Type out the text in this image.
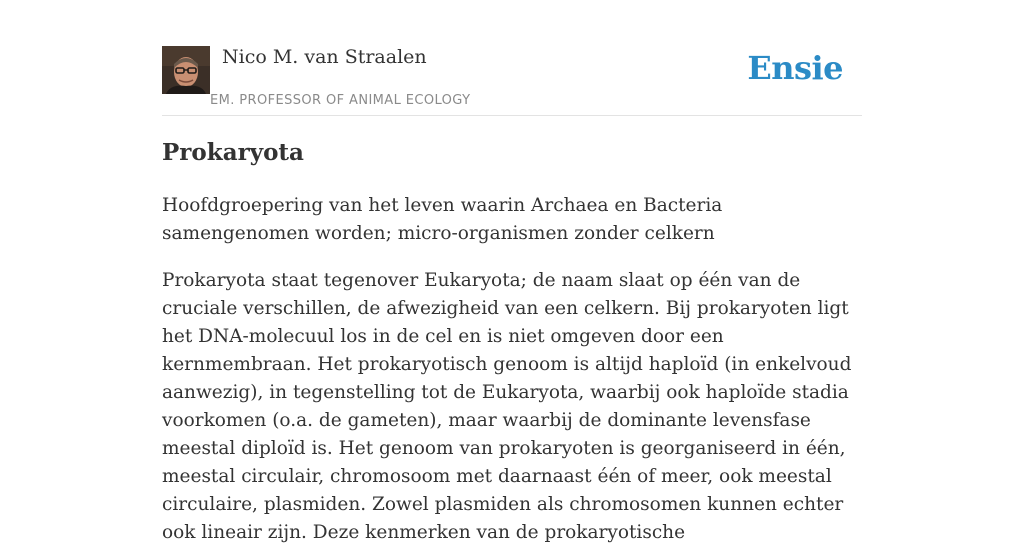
Nico M. van Straalen
EM. PROFESSOR OF ANIMAL ECOLOGY
Ensie
Prokaryota

Hoofdgroepering van het leven waarin Archaea en Bacteria samengenomen worden; micro-organismen zonder celkern

Prokaryota staat tegenover Eukaryota; de naam slaat op één van de cruciale verschillen, de afwezigheid van een celkern. Bij prokaryoten ligt het DNA-molecuul los in de cel en is niet omgeven door een kernmembraan. Het prokaryotisch genoom is altijd haploïd (in enkelvoud aanwezig), in tegenstelling tot de Eukaryota, waarbij ook haploïde stadia voorkomen (o.a. de gameten), maar waarbij de dominante levensfase meestal diploïd is. Het genoom van prokaryoten is georganiseerd in één, meestal circulair, chromosoom met daarnaast één of meer, ook meestal circulaire, plasmiden. Zowel plasmiden als chromosomen kunnen echter ook lineair zijn. Deze kenmerken van de prokaryotische
